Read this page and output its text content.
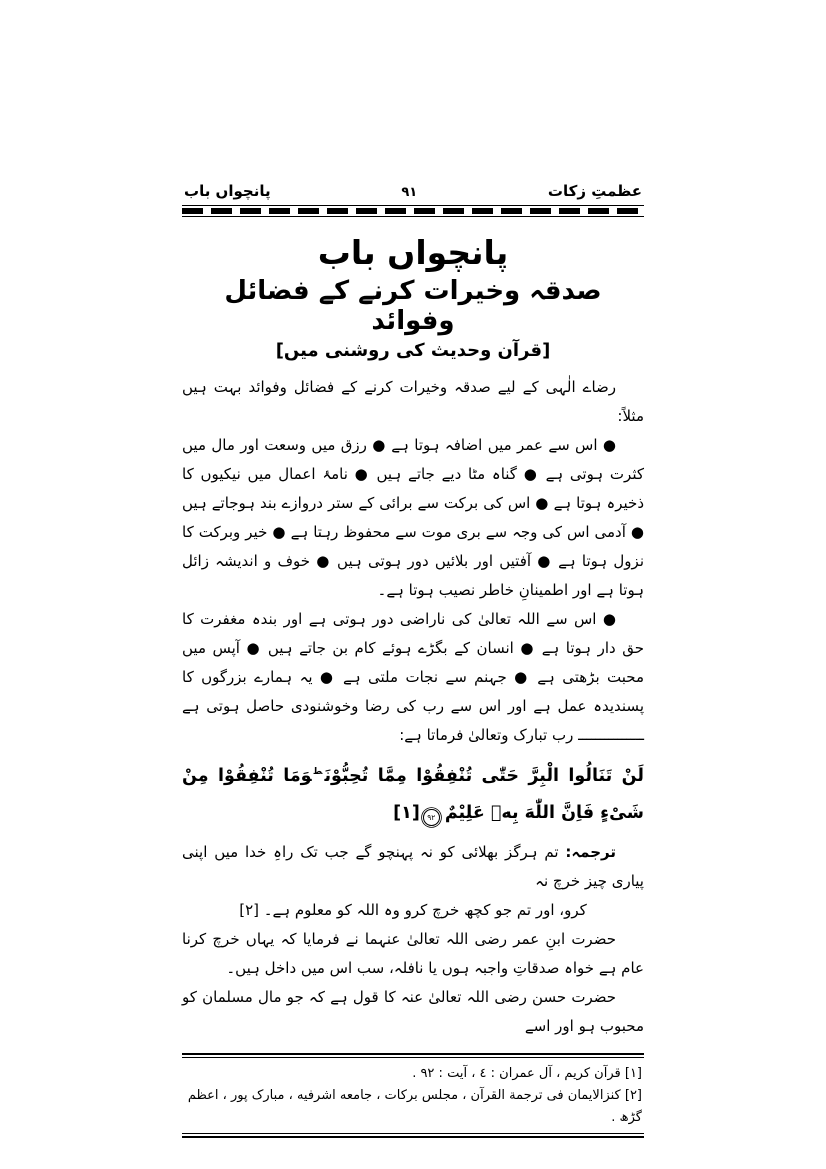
عظمتِ زکات
۹۱
پانچواں باب
پانچواں باب
صدقہ وخیرات کرنے کے فضائل وفوائد
[قرآن وحدیث کی روشنی میں]

رضاے الٰہی کے لیے صدقہ وخیرات کرنے کے فضائل وفوائد بہت ہیں مثلاً:

● اس سے عمر میں اضافہ ہوتا ہے ● رزق میں وسعت اور مال میں کثرت ہوتی ہے ● گناہ مٹا دیے جاتے ہیں ● نامۂ اعمال میں نیکیوں کا ذخیرہ ہوتا ہے ● اس کی برکت سے برائی کے ستر دروازے بند ہوجاتے ہیں ● آدمی اس کی وجہ سے بری موت سے محفوظ رہتا ہے ● خیر وبرکت کا نزول ہوتا ہے ● آفتیں اور بلائیں دور ہوتی ہیں ● خوف و اندیشہ زائل ہوتا ہے اور اطمینانِ خاطر نصیب ہوتا ہے۔

● اس سے اللہ تعالیٰ کی ناراضی دور ہوتی ہے اور بندہ مغفرت کا حق دار ہوتا ہے ● انسان کے بگڑے ہوئے کام بن جاتے ہیں ● آپس میں محبت بڑھتی ہے ● جہنم سے نجات ملتی ہے ● یہ ہمارے بزرگوں کا پسندیدہ عمل ہے اور اس سے رب کی رضا وخوشنودی حاصل ہوتی ہے ـــــــــــــــ رب تبارک وتعالیٰ فرماتا ہے:

لَنْ تَنَالُوا الْبِرَّ حَتّٰی تُنْفِقُوْا مِمَّا تُحِبُّوْنَ$^ط$وَمَا تُنْفِقُوْا مِنْ شَیْءٍ فَاِنَّ اللّٰهَ بِهٖ عَلِیْمٌ
٩٢
[١]

ترجمہ: تم ہرگز بھلائی کو نہ پہنچو گے جب تک راہِ خدا میں اپنی پیاری چیز خرچ نہ

کرو، اور تم جو کچھ خرچ کرو وہ اللہ کو معلوم ہے۔ [٢]

حضرت ابنِ عمر رضی اللہ تعالیٰ عنہما نے فرمایا کہ یہاں خرچ کرنا عام ہے خواہ صدقاتِ واجبہ ہوں یا نافلہ، سب اس میں داخل ہیں۔

حضرت حسن رضی اللہ تعالیٰ عنہ کا قول ہے کہ جو مال مسلمان کو محبوب ہو اور اسے

[١] قرآن کریم ، آل عمران : ٤ ، آیت : ٩٢ .

[٢] کنزالایمان فی ترجمة القرآن ، مجلس برکات ، جامعه اشرفیه ، مبارک پور ، اعظم گڑھ .
